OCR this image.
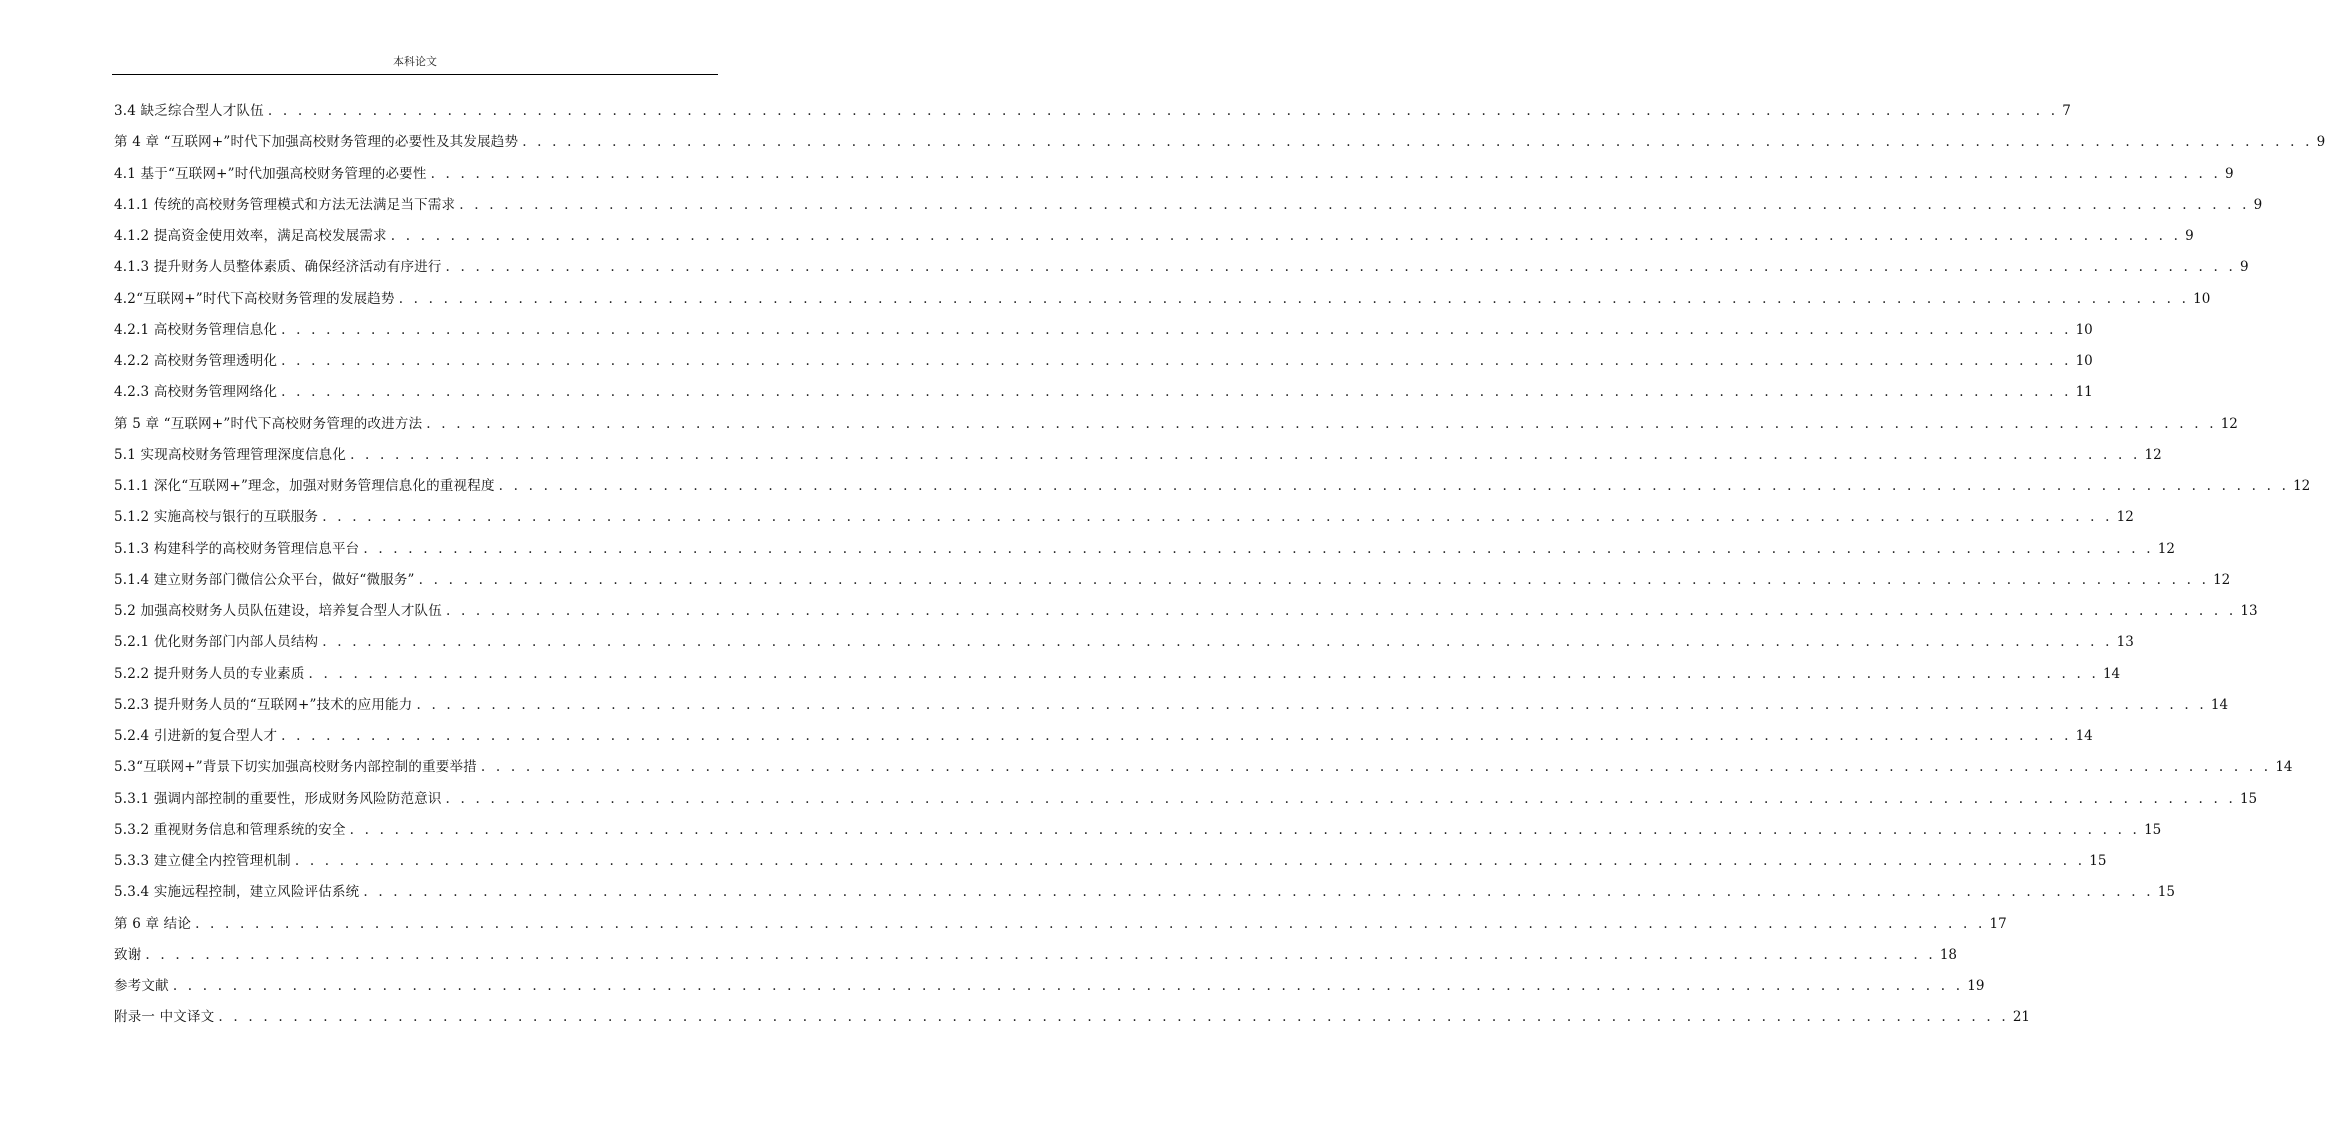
本科论文
3.4 缺乏综合型人才队伍 . . . . . . . . . . . . . . . . . . . . . . . . . . . . . . . . . . . . . . . . . . . . . . . . . . . . . . . . . . . . . . . . . . . . . . . . . . . . . . . . . . . . . . . . . . . . . . . . . . . . . . . . . . . . . . . . . . . . . . . . 7
第 4 章 “互联网+”时代下加强高校财务管理的必要性及其发展趋势 . . . . . . . . . . . . . . . . . . . . . . . . . . . . . . . . . . . . . . . . . . . . . . . . . . . . . . . . . . . . . . . . . . . . . . . . . . . . . . . . . . . . . . . . . . . . . . . . . . . . . . . . . . . . . . . . . . . . . . . . 9
4.1 基于“互联网+”时代加强高校财务管理的必要性 . . . . . . . . . . . . . . . . . . . . . . . . . . . . . . . . . . . . . . . . . . . . . . . . . . . . . . . . . . . . . . . . . . . . . . . . . . . . . . . . . . . . . . . . . . . . . . . . . . . . . . . . . . . . . . . . . . . . . . . . 9
4.1.1 传统的高校财务管理模式和方法无法满足当下需求 . . . . . . . . . . . . . . . . . . . . . . . . . . . . . . . . . . . . . . . . . . . . . . . . . . . . . . . . . . . . . . . . . . . . . . . . . . . . . . . . . . . . . . . . . . . . . . . . . . . . . . . . . . . . . . . . . . . . . . . . 9
4.1.2 提高资金使用效率，满足高校发展需求 . . . . . . . . . . . . . . . . . . . . . . . . . . . . . . . . . . . . . . . . . . . . . . . . . . . . . . . . . . . . . . . . . . . . . . . . . . . . . . . . . . . . . . . . . . . . . . . . . . . . . . . . . . . . . . . . . . . . . . . . 9
4.1.3 提升财务人员整体素质、确保经济活动有序进行 . . . . . . . . . . . . . . . . . . . . . . . . . . . . . . . . . . . . . . . . . . . . . . . . . . . . . . . . . . . . . . . . . . . . . . . . . . . . . . . . . . . . . . . . . . . . . . . . . . . . . . . . . . . . . . . . . . . . . . . . 9
4.2“互联网+”时代下高校财务管理的发展趋势 . . . . . . . . . . . . . . . . . . . . . . . . . . . . . . . . . . . . . . . . . . . . . . . . . . . . . . . . . . . . . . . . . . . . . . . . . . . . . . . . . . . . . . . . . . . . . . . . . . . . . . . . . . . . . . . . . . . . . . . . 10
4.2.1 高校财务管理信息化 . . . . . . . . . . . . . . . . . . . . . . . . . . . . . . . . . . . . . . . . . . . . . . . . . . . . . . . . . . . . . . . . . . . . . . . . . . . . . . . . . . . . . . . . . . . . . . . . . . . . . . . . . . . . . . . . . . . . . . . . 10
4.2.2 高校财务管理透明化 . . . . . . . . . . . . . . . . . . . . . . . . . . . . . . . . . . . . . . . . . . . . . . . . . . . . . . . . . . . . . . . . . . . . . . . . . . . . . . . . . . . . . . . . . . . . . . . . . . . . . . . . . . . . . . . . . . . . . . . . 10
4.2.3 高校财务管理网络化 . . . . . . . . . . . . . . . . . . . . . . . . . . . . . . . . . . . . . . . . . . . . . . . . . . . . . . . . . . . . . . . . . . . . . . . . . . . . . . . . . . . . . . . . . . . . . . . . . . . . . . . . . . . . . . . . . . . . . . . . 11
第 5 章 “互联网+”时代下高校财务管理的改进方法 . . . . . . . . . . . . . . . . . . . . . . . . . . . . . . . . . . . . . . . . . . . . . . . . . . . . . . . . . . . . . . . . . . . . . . . . . . . . . . . . . . . . . . . . . . . . . . . . . . . . . . . . . . . . . . . . . . . . . . . . 12
5.1 实现高校财务管理管理深度信息化 . . . . . . . . . . . . . . . . . . . . . . . . . . . . . . . . . . . . . . . . . . . . . . . . . . . . . . . . . . . . . . . . . . . . . . . . . . . . . . . . . . . . . . . . . . . . . . . . . . . . . . . . . . . . . . . . . . . . . . . . 12
5.1.1 深化“互联网+”理念，加强对财务管理信息化的重视程度 . . . . . . . . . . . . . . . . . . . . . . . . . . . . . . . . . . . . . . . . . . . . . . . . . . . . . . . . . . . . . . . . . . . . . . . . . . . . . . . . . . . . . . . . . . . . . . . . . . . . . . . . . . . . . . . . . . . . . . . . 12
5.1.2 实施高校与银行的互联服务 . . . . . . . . . . . . . . . . . . . . . . . . . . . . . . . . . . . . . . . . . . . . . . . . . . . . . . . . . . . . . . . . . . . . . . . . . . . . . . . . . . . . . . . . . . . . . . . . . . . . . . . . . . . . . . . . . . . . . . . . 12
5.1.3 构建科学的高校财务管理信息平台 . . . . . . . . . . . . . . . . . . . . . . . . . . . . . . . . . . . . . . . . . . . . . . . . . . . . . . . . . . . . . . . . . . . . . . . . . . . . . . . . . . . . . . . . . . . . . . . . . . . . . . . . . . . . . . . . . . . . . . . . 12
5.1.4 建立财务部门微信公众平台，做好“微服务” . . . . . . . . . . . . . . . . . . . . . . . . . . . . . . . . . . . . . . . . . . . . . . . . . . . . . . . . . . . . . . . . . . . . . . . . . . . . . . . . . . . . . . . . . . . . . . . . . . . . . . . . . . . . . . . . . . . . . . . . 12
5.2 加强高校财务人员队伍建设，培养复合型人才队伍 . . . . . . . . . . . . . . . . . . . . . . . . . . . . . . . . . . . . . . . . . . . . . . . . . . . . . . . . . . . . . . . . . . . . . . . . . . . . . . . . . . . . . . . . . . . . . . . . . . . . . . . . . . . . . . . . . . . . . . . . 13
5.2.1 优化财务部门内部人员结构 . . . . . . . . . . . . . . . . . . . . . . . . . . . . . . . . . . . . . . . . . . . . . . . . . . . . . . . . . . . . . . . . . . . . . . . . . . . . . . . . . . . . . . . . . . . . . . . . . . . . . . . . . . . . . . . . . . . . . . . . 13
5.2.2 提升财务人员的专业素质 . . . . . . . . . . . . . . . . . . . . . . . . . . . . . . . . . . . . . . . . . . . . . . . . . . . . . . . . . . . . . . . . . . . . . . . . . . . . . . . . . . . . . . . . . . . . . . . . . . . . . . . . . . . . . . . . . . . . . . . . 14
5.2.3 提升财务人员的“互联网+”技术的应用能力 . . . . . . . . . . . . . . . . . . . . . . . . . . . . . . . . . . . . . . . . . . . . . . . . . . . . . . . . . . . . . . . . . . . . . . . . . . . . . . . . . . . . . . . . . . . . . . . . . . . . . . . . . . . . . . . . . . . . . . . . 14
5.2.4 引进新的复合型人才 . . . . . . . . . . . . . . . . . . . . . . . . . . . . . . . . . . . . . . . . . . . . . . . . . . . . . . . . . . . . . . . . . . . . . . . . . . . . . . . . . . . . . . . . . . . . . . . . . . . . . . . . . . . . . . . . . . . . . . . . 14
5.3“互联网+”背景下切实加强高校财务内部控制的重要举措 . . . . . . . . . . . . . . . . . . . . . . . . . . . . . . . . . . . . . . . . . . . . . . . . . . . . . . . . . . . . . . . . . . . . . . . . . . . . . . . . . . . . . . . . . . . . . . . . . . . . . . . . . . . . . . . . . . . . . . . . 14
5.3.1 强调内部控制的重要性，形成财务风险防范意识 . . . . . . . . . . . . . . . . . . . . . . . . . . . . . . . . . . . . . . . . . . . . . . . . . . . . . . . . . . . . . . . . . . . . . . . . . . . . . . . . . . . . . . . . . . . . . . . . . . . . . . . . . . . . . . . . . . . . . . . . 15
5.3.2 重视财务信息和管理系统的安全 . . . . . . . . . . . . . . . . . . . . . . . . . . . . . . . . . . . . . . . . . . . . . . . . . . . . . . . . . . . . . . . . . . . . . . . . . . . . . . . . . . . . . . . . . . . . . . . . . . . . . . . . . . . . . . . . . . . . . . . . 15
5.3.3 建立健全内控管理机制 . . . . . . . . . . . . . . . . . . . . . . . . . . . . . . . . . . . . . . . . . . . . . . . . . . . . . . . . . . . . . . . . . . . . . . . . . . . . . . . . . . . . . . . . . . . . . . . . . . . . . . . . . . . . . . . . . . . . . . . . 15
5.3.4 实施远程控制，建立风险评估系统 . . . . . . . . . . . . . . . . . . . . . . . . . . . . . . . . . . . . . . . . . . . . . . . . . . . . . . . . . . . . . . . . . . . . . . . . . . . . . . . . . . . . . . . . . . . . . . . . . . . . . . . . . . . . . . . . . . . . . . . . 15
第 6 章 结论 . . . . . . . . . . . . . . . . . . . . . . . . . . . . . . . . . . . . . . . . . . . . . . . . . . . . . . . . . . . . . . . . . . . . . . . . . . . . . . . . . . . . . . . . . . . . . . . . . . . . . . . . . . . . . . . . . . . . . . . . 17
致谢 . . . . . . . . . . . . . . . . . . . . . . . . . . . . . . . . . . . . . . . . . . . . . . . . . . . . . . . . . . . . . . . . . . . . . . . . . . . . . . . . . . . . . . . . . . . . . . . . . . . . . . . . . . . . . . . . . . . . . . . . 18
参考文献 . . . . . . . . . . . . . . . . . . . . . . . . . . . . . . . . . . . . . . . . . . . . . . . . . . . . . . . . . . . . . . . . . . . . . . . . . . . . . . . . . . . . . . . . . . . . . . . . . . . . . . . . . . . . . . . . . . . . . . . . 19
附录一 中文译文 . . . . . . . . . . . . . . . . . . . . . . . . . . . . . . . . . . . . . . . . . . . . . . . . . . . . . . . . . . . . . . . . . . . . . . . . . . . . . . . . . . . . . . . . . . . . . . . . . . . . . . . . . . . . . . . . . . . . . . . . 21
